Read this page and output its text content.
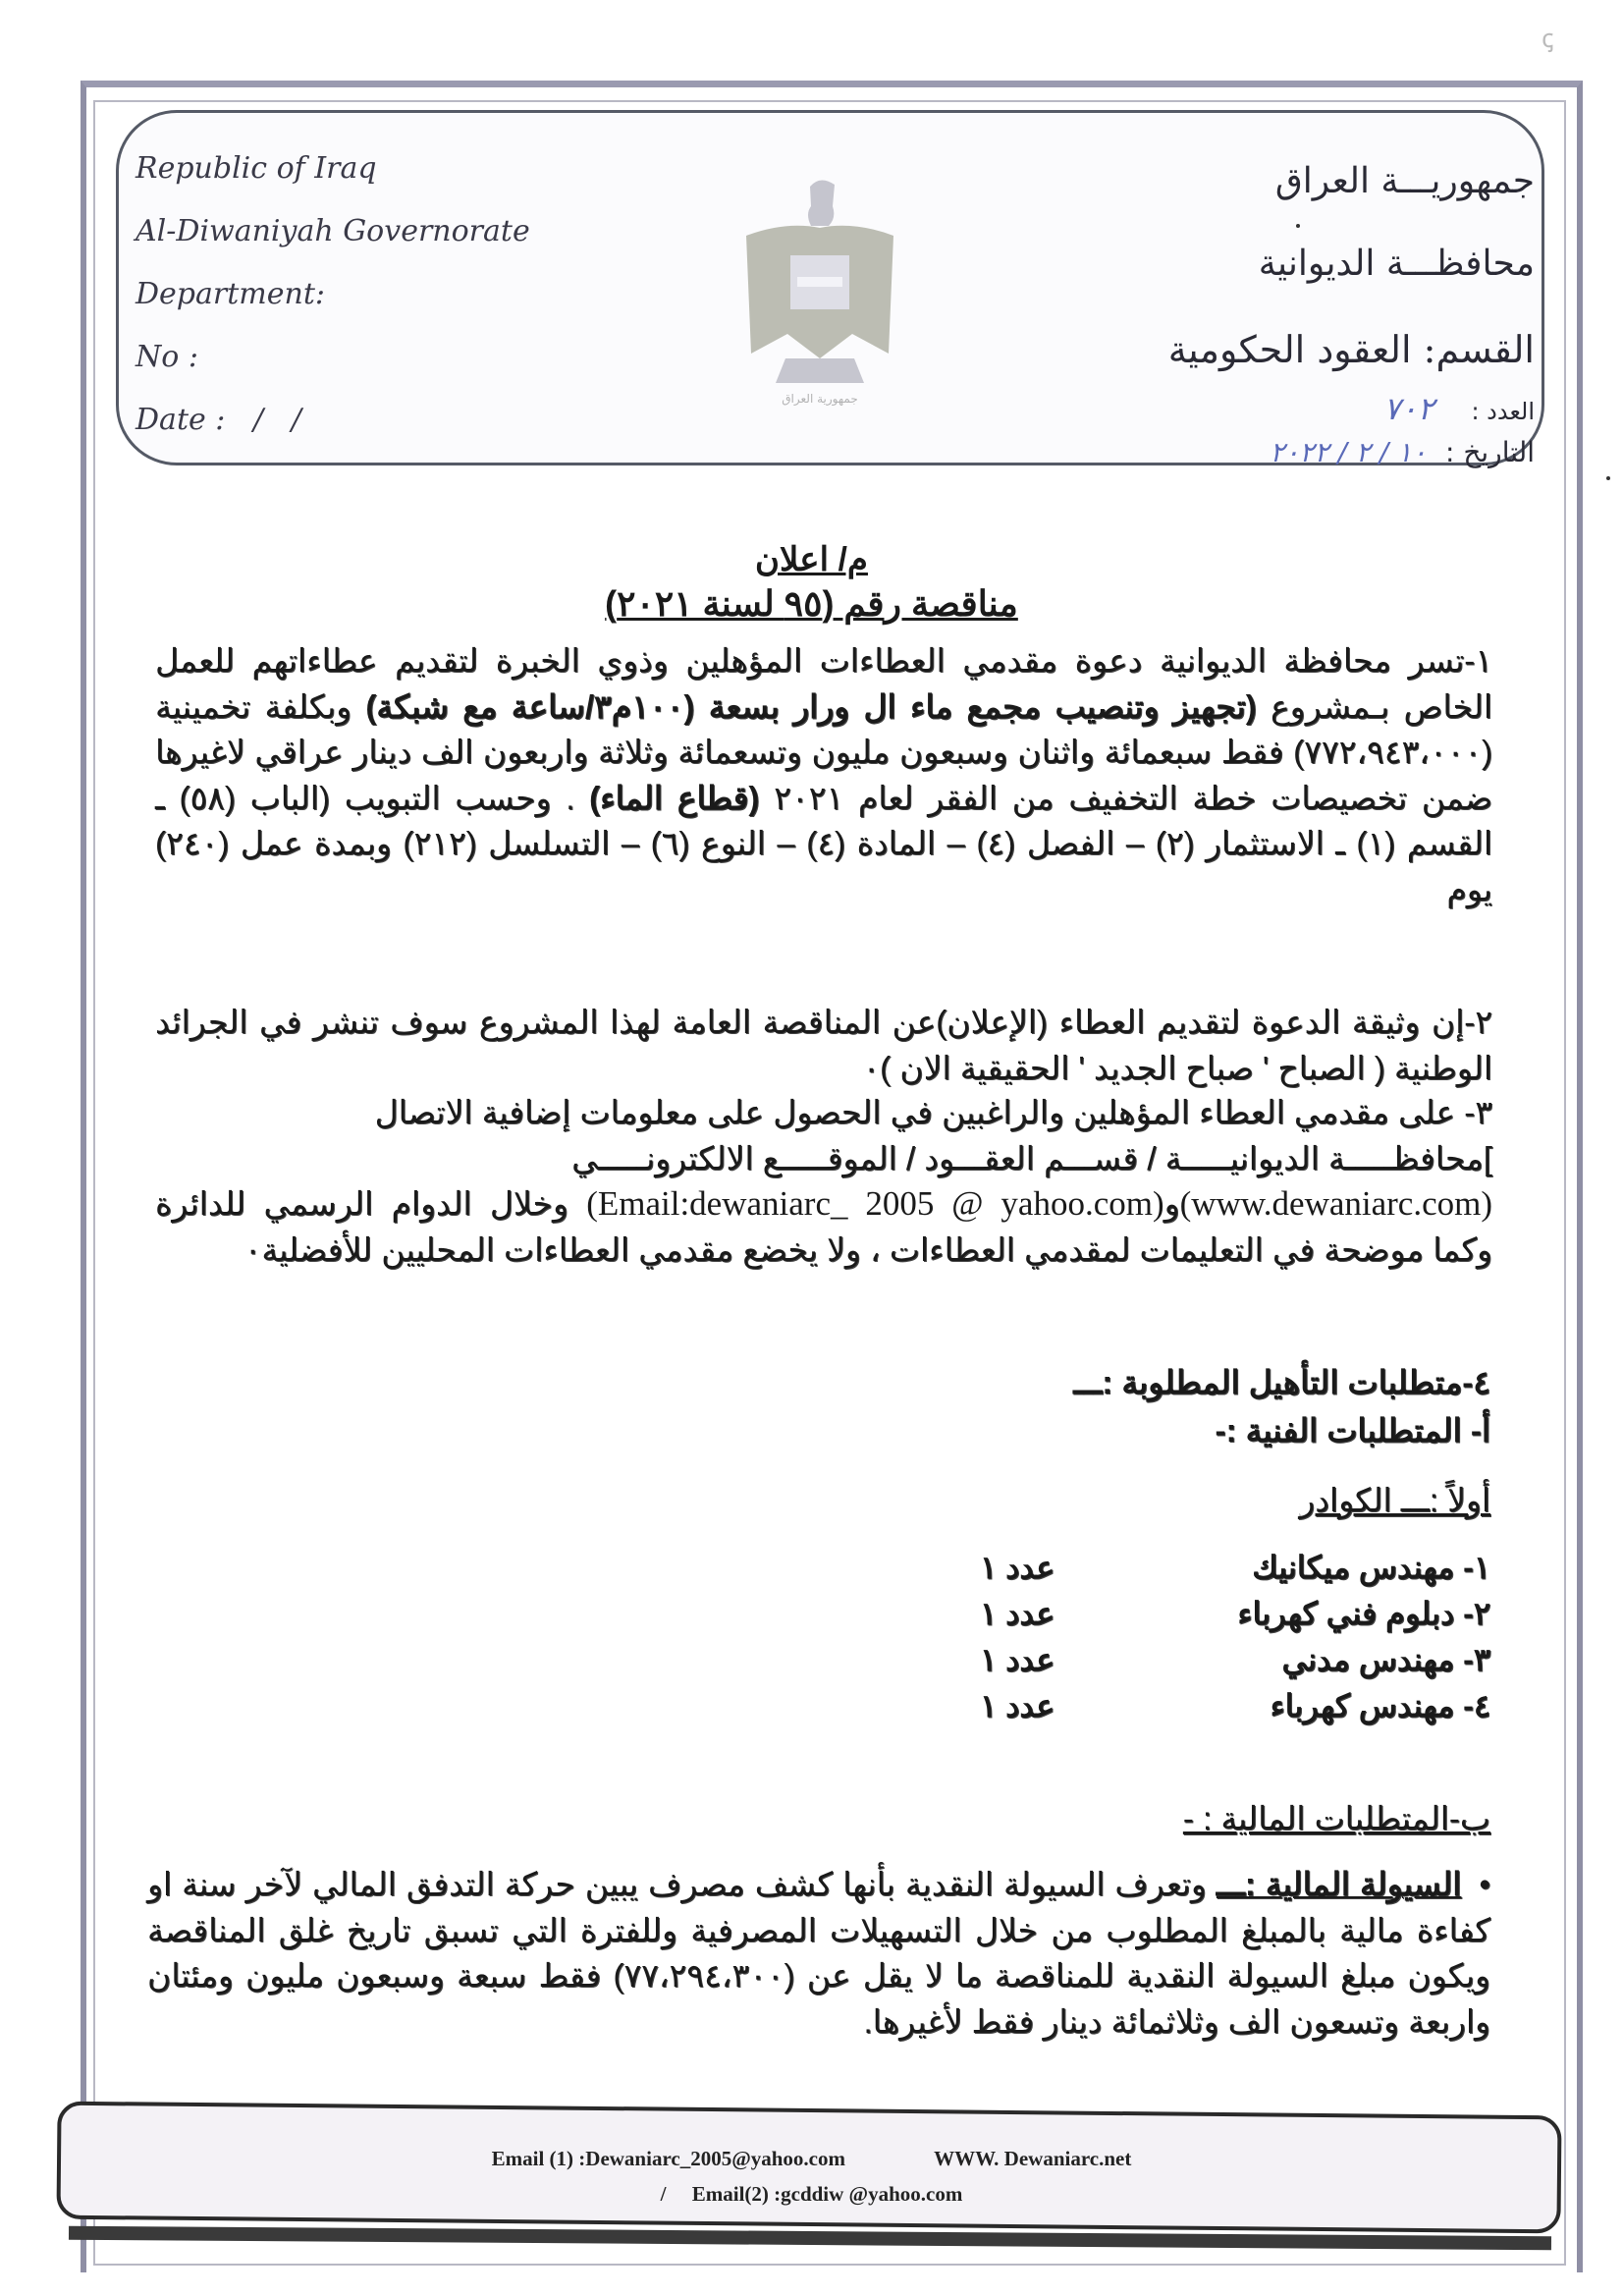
ꞔ
Republic of Iraq
Al-Diwaniyah Governorate
Department:
No :
Date :   /   /
جمهورية العراق
جمهوريـــة العراق
محافظـــة الديوانية
القسم: العقود الحكومية
العدد : ٧٠٢
التاريخ : ١٠ / ٢ / ٢٠٢٢
م/ اعلان
مناقصة رقم (٩٥ لسنة ٢٠٢١)
١-تسر محافظة الديوانية دعوة مقدمي العطاءات المؤهلين وذوي الخبرة لتقديم عطاءاتهم للعمل الخاص بـمشروع (تجهيز وتنصيب مجمع ماء ال ورار بسعة (١٠٠م٣/ساعة مع شبكة) وبكلفة تخمينية (٧٧٢،٩٤٣،٠٠٠) فقط سبعمائة واثنان وسبعون مليون وتسعمائة وثلاثة واربعون الف دينار عراقي لاغيرها ضمن تخصيصات خطة التخفيف من الفقر لعام ٢٠٢١ (قطاع الماء) . وحسب التبويب (الباب (٥٨) ـ القسم (١) ـ الاستثمار (٢) – الفصل (٤) – المادة (٤) – النوع (٦) – التسلسل (٢١٢) وبمدة عمل (٢٤٠) يوم
٢-إن وثيقة الدعوة لتقديم العطاء (الإعلان)عن المناقصة العامة لهذا المشروع سوف تنشر في الجرائد الوطنية ( الصباح ' صباح الجديد ' الحقيقية الان )٠
٣- على مقدمي العطاء المؤهلين والراغبين في الحصول على معلومات إضافية الاتصال
]محافظـــــة الديوانيـــــة / قســـم العقـــود / الموقـــــع الالكترونـــــي
(www.dewaniarc.com)و(Email:dewaniarc_ 2005 @ yahoo.com) وخلال الدوام الرسمي للدائرة وكما موضحة في التعليمات لمقدمي العطاءات ، ولا يخضع مقدمي العطاءات المحليين للأفضلية٠
٤-متطلبات التأهيل المطلوبة :ـــ
أ- المتطلبات الفنية :-
أولاً :ـــ الكوادر
١- مهندس ميكانيك
عدد ١
٢- دبلوم فني كهرباء
عدد ١
٣- مهندس مدني
عدد ١
٤- مهندس كهرباء
عدد ١
ب-المتطلبات المالية : -
•السيولة المالية :ـــ وتعرف السيولة النقدية بأنها كشف مصرف يبين حركة التدفق المالي لآخر سنة او كفاءة مالية بالمبلغ المطلوب من خلال التسهيلات المصرفية وللفترة التي تسبق تاريخ غلق المناقصة ويكون مبلغ السيولة النقدية للمناقصة ما لا يقل عن (٧٧،٢٩٤،٣٠٠) فقط سبعة وسبعون مليون ومئتان واربعة وتسعون الف وثلاثمائة دينار فقط لأغيرها.
Email (1) :Dewaniarc_2005@yahoo.com	WWW. Dewaniarc.net
/ Email(2) :gcddiw @yahoo.com
